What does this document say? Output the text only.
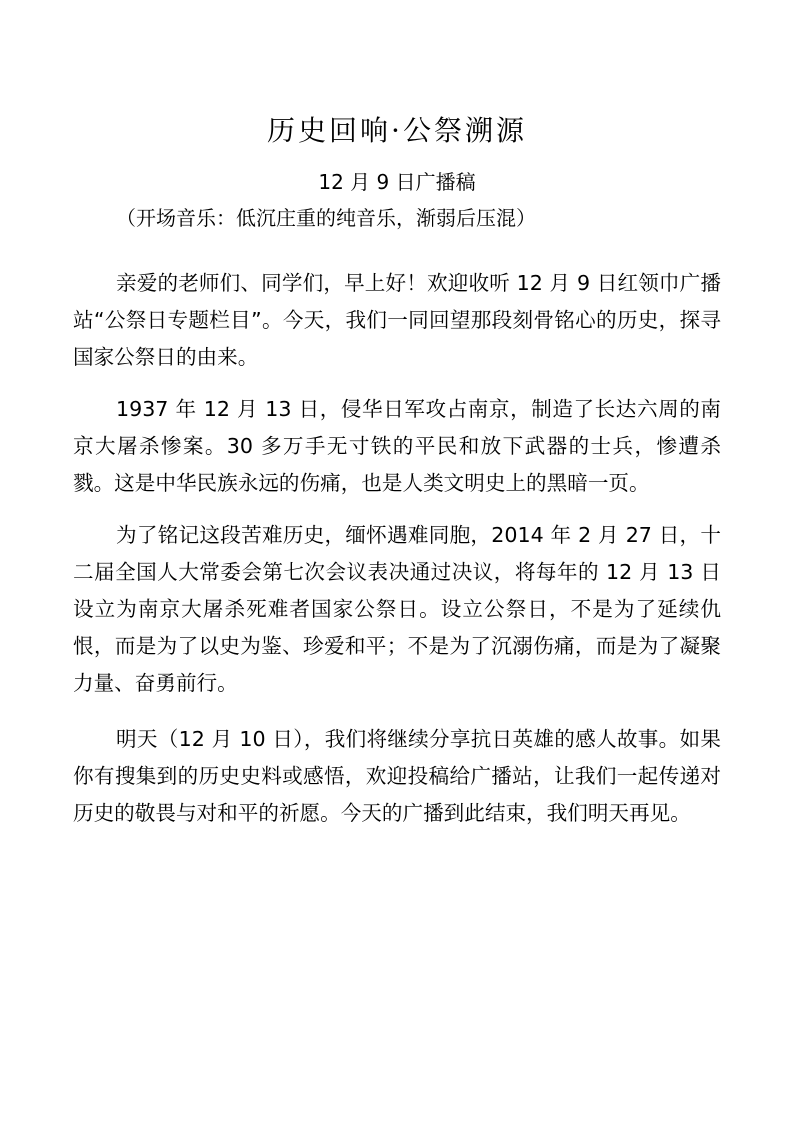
历史回响·公祭溯源
12 月 9 日广播稿
（开场音乐：低沉庄重的纯音乐，渐弱后压混）

亲爱的老师们、同学们，早上好！欢迎收听 12 月 9 日红领巾广播站“公祭日专题栏目”。今天，我们一同回望那段刻骨铭心的历史，探寻国家公祭日的由来。

1937 年 12 月 13 日，侵华日军攻占南京，制造了长达六周的南京大屠杀惨案。30 多万手无寸铁的平民和放下武器的士兵，惨遭杀戮。这是中华民族永远的伤痛，也是人类文明史上的黑暗一页。

为了铭记这段苦难历史，缅怀遇难同胞，2014 年 2 月 27 日，十二届全国人大常委会第七次会议表决通过决议，将每年的 12 月 13 日设立为南京大屠杀死难者国家公祭日。设立公祭日，不是为了延续仇恨，而是为了以史为鉴、珍爱和平；不是为了沉溺伤痛，而是为了凝聚力量、奋勇前行。

明天（12 月 10 日），我们将继续分享抗日英雄的感人故事。如果你有搜集到的历史史料或感悟，欢迎投稿给广播站，让我们一起传递对历史的敬畏与对和平的祈愿。今天的广播到此结束，我们明天再见。
